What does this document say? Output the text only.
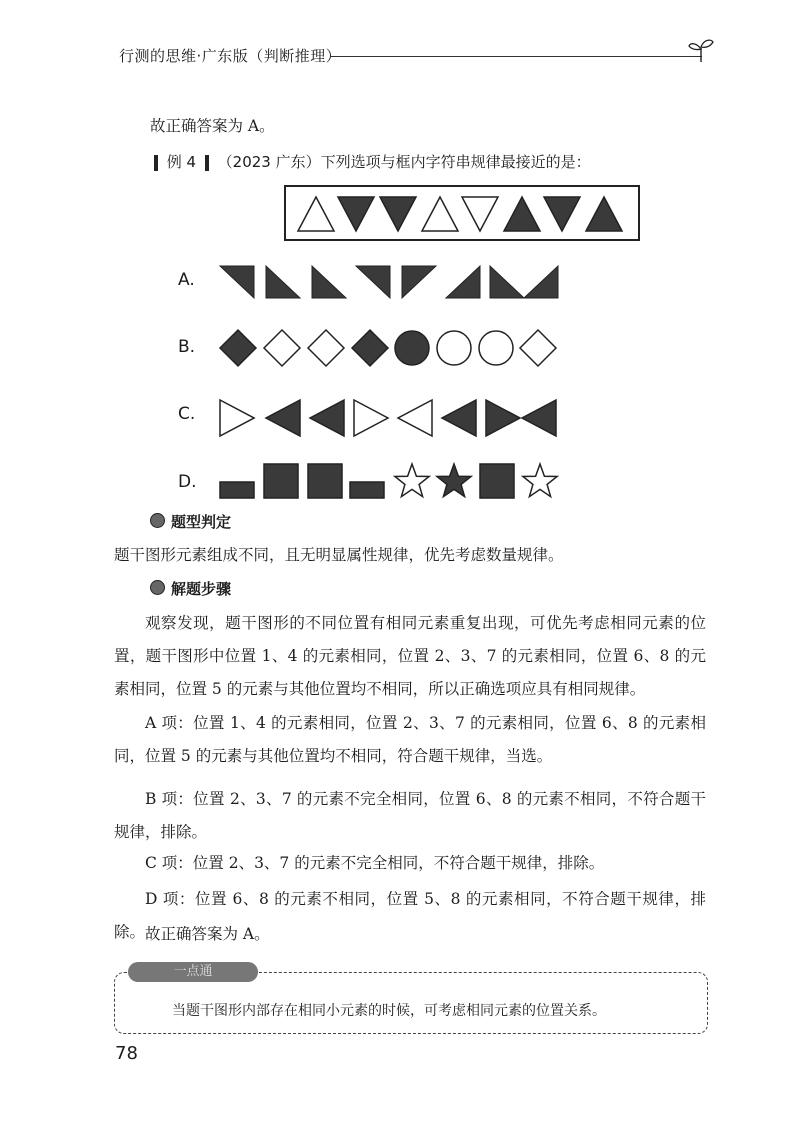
行测的思维·广东版（判断推理）
故正确答案为 A。
例 4 （2023 广东）下列选项与框内字符串规律最接近的是：
A.
B.
C.
D.
题型判定
题干图形元素组成不同，且无明显属性规律，优先考虑数量规律。
解题步骤
观察发现，题干图形的不同位置有相同元素重复出现，可优先考虑相同元素的位置，题干图形中位置 1、4 的元素相同，位置 2、3、7 的元素相同，位置 6、8 的元素相同，位置 5 的元素与其他位置均不相同，所以正确选项应具有相同规律。
A 项：位置 1、4 的元素相同，位置 2、3、7 的元素相同，位置 6、8 的元素相同，位置 5 的元素与其他位置均不相同，符合题干规律，当选。
B 项：位置 2、3、7 的元素不完全相同，位置 6、8 的元素不相同，不符合题干规律，排除。
C 项：位置 2、3、7 的元素不完全相同，不符合题干规律，排除。
D 项：位置 6、8 的元素不相同，位置 5、8 的元素相同，不符合题干规律，排除。 故正确答案为 A。
一点通
当题干图形内部存在相同小元素的时候，可考虑相同元素的位置关系。
78
